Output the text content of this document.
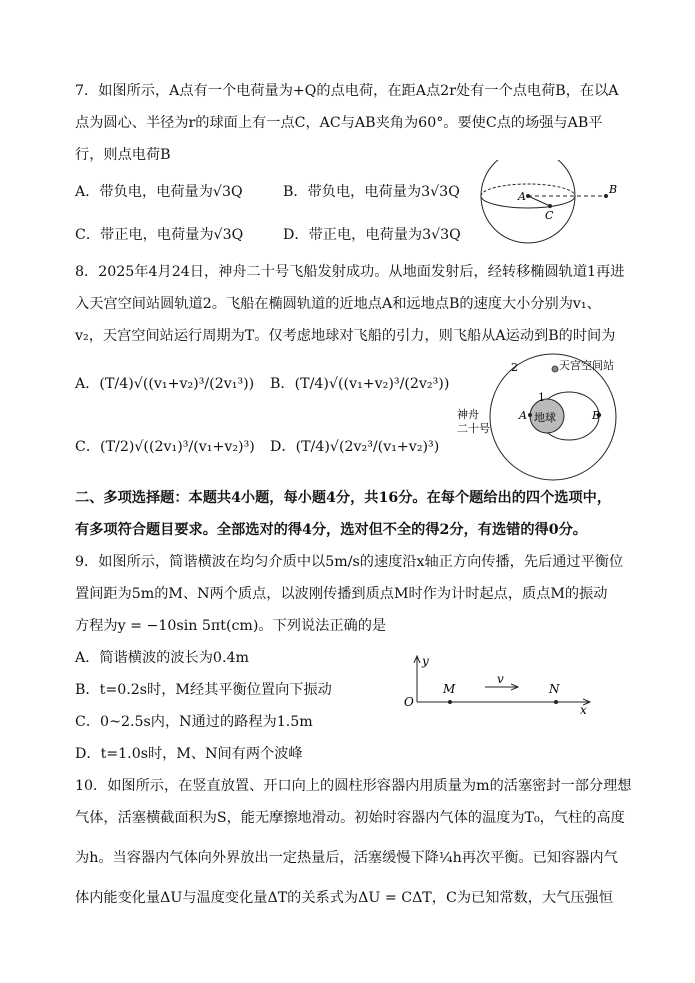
7．如图所示，A点有一个电荷量为+Q的点电荷，在距A点2r处有一个点电荷B，在以A
点为圆心、半径为r的球面上有一点C，AC与AB夹角为60°。要使C点的场强与AB平
行，则点电荷B
A．带负电，电荷量为√3Q	B．带负电，电荷量为3√3Q
C．带正电，电荷量为√3Q	D．带正电，电荷量为3√3Q
A
C
B
8．2025年4月24日，神舟二十号飞船发射成功。从地面发射后，经转移椭圆轨道1再进
入天宫空间站圆轨道2。飞船在椭圆轨道的近地点A和远地点B的速度大小分别为v₁、
v₂，天宫空间站运行周期为T。仅考虑地球对飞船的引力，则飞船从A运动到B的时间为
A．(T/4)√((v₁+v₂)³/(2v₁³)) B．(T/4)√((v₁+v₂)³/(2v₂³))
C．(T/2)√((2v₁)³/(v₁+v₂)³) D．(T/4)√(2v₂³/(v₁+v₂)³)
天宫空间站
2
1
地球
神舟
二十号
A	B
二、多项选择题：本题共4小题，每小题4分，共16分。在每个题给出的四个选项中，
有多项符合题目要求。全部选对的得4分，选对但不全的得2分，有选错的得0分。
9．如图所示，简谐横波在均匀介质中以5m/s的速度沿x轴正方向传播，先后通过平衡位
置间距为5m的M、N两个质点，以波刚传播到质点M时作为计时起点，质点M的振动
方程为y = −10sin 5πt(cm)。下列说法正确的是
A．简谐横波的波长为0.4m
B．t=0.2s时，M经其平衡位置向下振动
C．0~2.5s内，N通过的路程为1.5m
D．t=1.0s时，M、N间有两个波峰
y
O
M
v
N
x
10．如图所示，在竖直放置、开口向上的圆柱形容器内用质量为m的活塞密封一部分理想
气体，活塞横截面积为S，能无摩擦地滑动。初始时容器内气体的温度为T₀，气柱的高度
为h。当容器内气体向外界放出一定热量后，活塞缓慢下降¼h再次平衡。已知容器内气
体内能变化量ΔU与温度变化量ΔT的关系式为ΔU = CΔT，C为已知常数，大气压强恒
